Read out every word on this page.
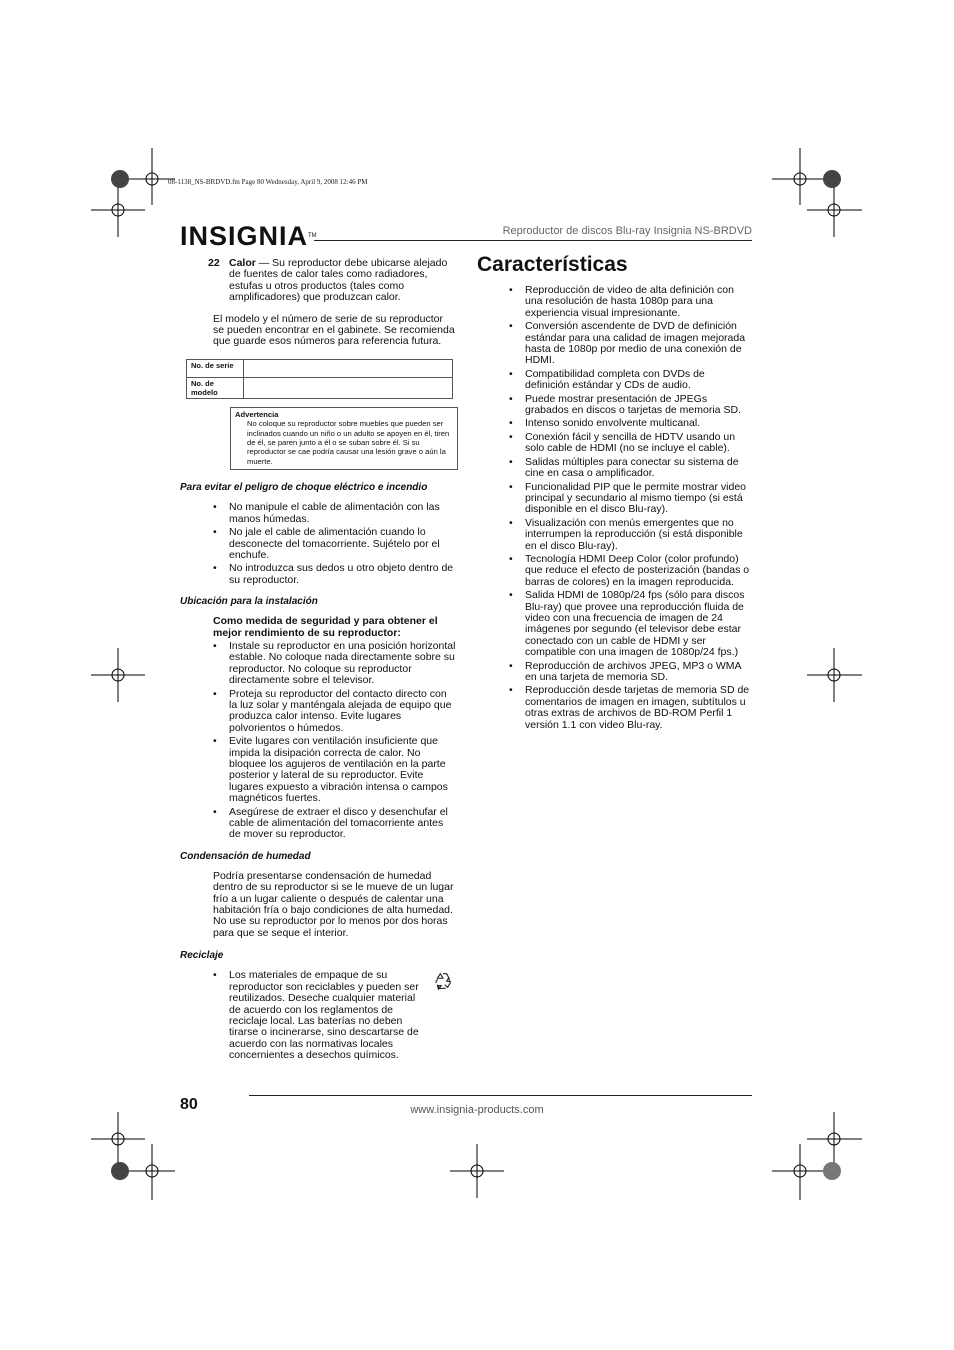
08-1138_NS-BRDVD.fm Page 80 Wednesday, April 9, 2008 12:46 PM
INSIGNIA™	Reproductor de discos Blu-ray Insignia NS-BRDVD
22 Calor — Su reproductor debe ubicarse alejado de fuentes de calor tales como radiadores, estufas u otros productos (tales como amplificadores) que produzcan calor.

El modelo y el número de serie de su reproductor se pueden encontrar en el gabinete. Se recomienda que guarde esos números para referencia futura.

No. de serie	
No. de modelo	
Advertencia
No coloque su reproductor sobre muebles que pueden ser inclinados cuando un niño o un adulto se apoyen en él, tiren de él, se paren junto a él o se suban sobre él. Si su reproductor se cae podría causar una lesión grave o aún la muerte.
Para evitar el peligro de choque eléctrico e incendio
• No manipule el cable de alimentación con las manos húmedas.
• No jale el cable de alimentación cuando lo desconecte del tomacorriente. Sujételo por el enchufe.
• No introduzca sus dedos u otro objeto dentro de su reproductor.
Ubicación para la instalación

Como medida de seguridad y para obtener el mejor rendimiento de su reproductor:

• Instale su reproductor en una posición horizontal estable. No coloque nada directamente sobre su reproductor. No coloque su reproductor directamente sobre el televisor.
• Proteja su reproductor del contacto directo con la luz solar y manténgala alejada de equipo que produzca calor intenso. Evite lugares polvorientos o húmedos.
• Evite lugares con ventilación insuficiente que impida la disipación correcta de calor. No bloquee los agujeros de ventilación en la parte posterior y lateral de su reproductor. Evite lugares expuesto a vibración intensa o campos magnéticos fuertes.
• Asegúrese de extraer el disco y desenchufar el cable de alimentación del tomacorriente antes de mover su reproductor.
Condensación de humedad

Podría presentarse condensación de humedad dentro de su reproductor si se le mueve de un lugar frío a un lugar caliente o después de calentar una habitación fría o bajo condiciones de alta humedad. No use su reproductor por lo menos por dos horas para que se seque el interior.

Reciclaje
• Los materiales de empaque de su reproductor son reciclables y pueden ser reutilizados. Deseche cualquier material de acuerdo con los reglamentos de reciclaje local. Las baterías no deben tirarse o incinerarse, sino descartarse de acuerdo con las normativas locales concernientes a desechos químicos.
Características
• Reproducción de video de alta definición con una resolución de hasta 1080p para una experiencia visual impresionante.
• Conversión ascendente de DVD de definición estándar para una calidad de imagen mejorada hasta de 1080p por medio de una conexión de HDMI.
• Compatibilidad completa con DVDs de definición estándar y CDs de audio.
• Puede mostrar presentación de JPEGs grabados en discos o tarjetas de memoria SD.
• Intenso sonido envolvente multicanal.
• Conexión fácil y sencilla de HDTV usando un solo cable de HDMI (no se incluye el cable).
• Salidas múltiples para conectar su sistema de cine en casa o amplificador.
• Funcionalidad PIP que le permite mostrar video principal y secundario al mismo tiempo (si está disponible en el disco Blu-ray).
• Visualización con menús emergentes que no interrumpen la reproducción (si está disponible en el disco Blu-ray).
• Tecnología HDMI Deep Color (color profundo) que reduce el efecto de posterización (bandas o barras de colores) en la imagen reproducida.
• Salida HDMI de 1080p/24 fps (sólo para discos Blu-ray) que provee una reproducción fluida de video con una frecuencia de imagen de 24 imágenes por segundo (el televisor debe estar conectado con un cable de HDMI y ser compatible con una imagen de 1080p/24 fps.)
• Reproducción de archivos JPEG, MP3 o WMA en una tarjeta de memoria SD.
• Reproducción desde tarjetas de memoria SD de comentarios de imagen en imagen, subtítulos u otras extras de archivos de BD-ROM Perfil 1 versión 1.1 con video Blu-ray.
80	www.insignia-products.com
